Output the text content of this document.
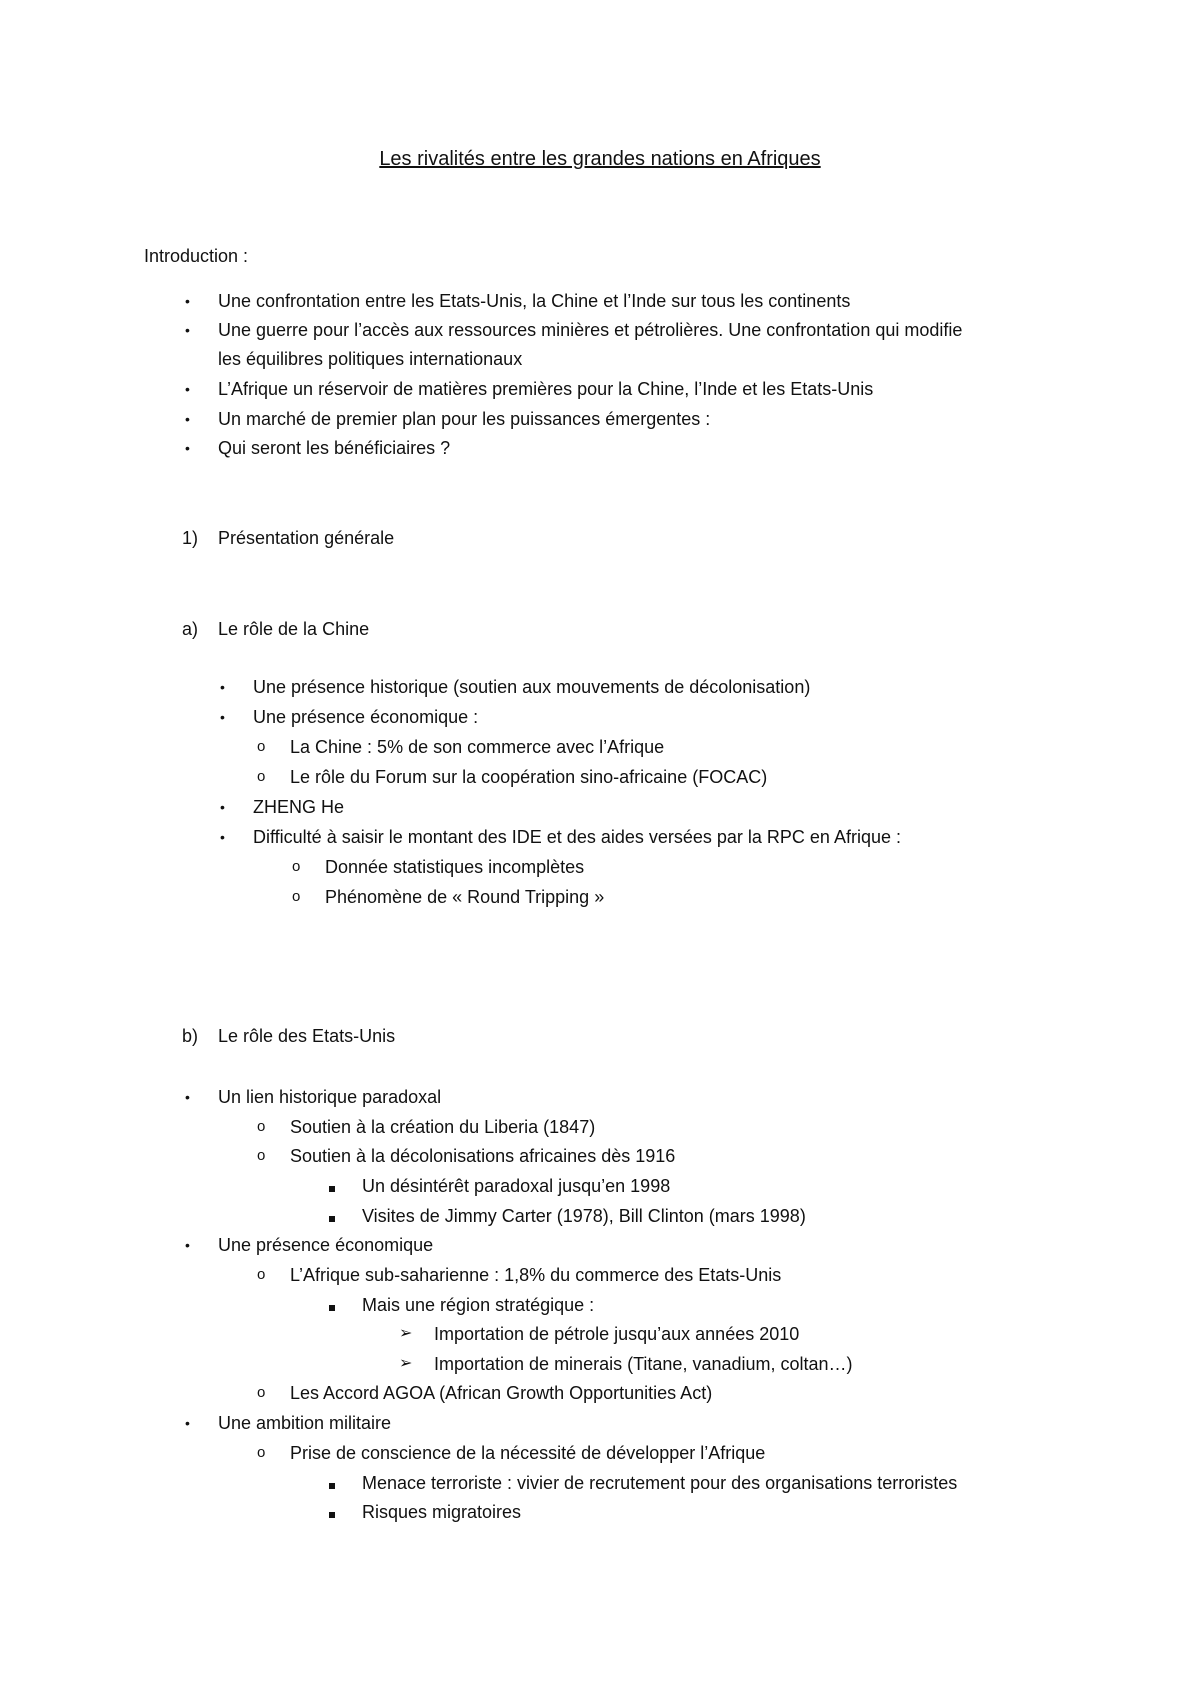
Les rivalités entre les grandes nations en Afriques
Introduction :
• Une confrontation entre les Etats-Unis, la Chine et l’Inde sur tous les continents
• Une guerre pour l’accès aux ressources minières et pétrolières. Une confrontation qui modifie
les équilibres politiques internationaux
• L’Afrique un réservoir de matières premières pour la Chine, l’Inde et les Etats-Unis
• Un marché de premier plan pour les puissances émergentes :
• Qui seront les bénéficiaires ?
1) Présentation générale
a) Le rôle de la Chine
• Une présence historique (soutien aux mouvements de décolonisation)
• Une présence économique :
o La Chine : 5% de son commerce avec l’Afrique
o Le rôle du Forum sur la coopération sino-africaine (FOCAC)
• ZHENG He
• Difficulté à saisir le montant des IDE et des aides versées par la RPC en Afrique :
o Donnée statistiques incomplètes
o Phénomène de « Round Tripping »
b) Le rôle des Etats-Unis
• Un lien historique paradoxal
o Soutien à la création du Liberia (1847)
o Soutien à la décolonisations africaines dès 1916
Un désintérêt paradoxal jusqu’en 1998
Visites de Jimmy Carter (1978), Bill Clinton (mars 1998)
• Une présence économique
o L’Afrique sub-saharienne : 1,8% du commerce des Etats-Unis
Mais une région stratégique :
➢ Importation de pétrole jusqu’aux années 2010
➢ Importation de minerais (Titane, vanadium, coltan…)
o Les Accord AGOA (African Growth Opportunities Act)
• Une ambition militaire
o Prise de conscience de la nécessité de développer l’Afrique
Menace terroriste : vivier de recrutement pour des organisations terroristes
Risques migratoires
